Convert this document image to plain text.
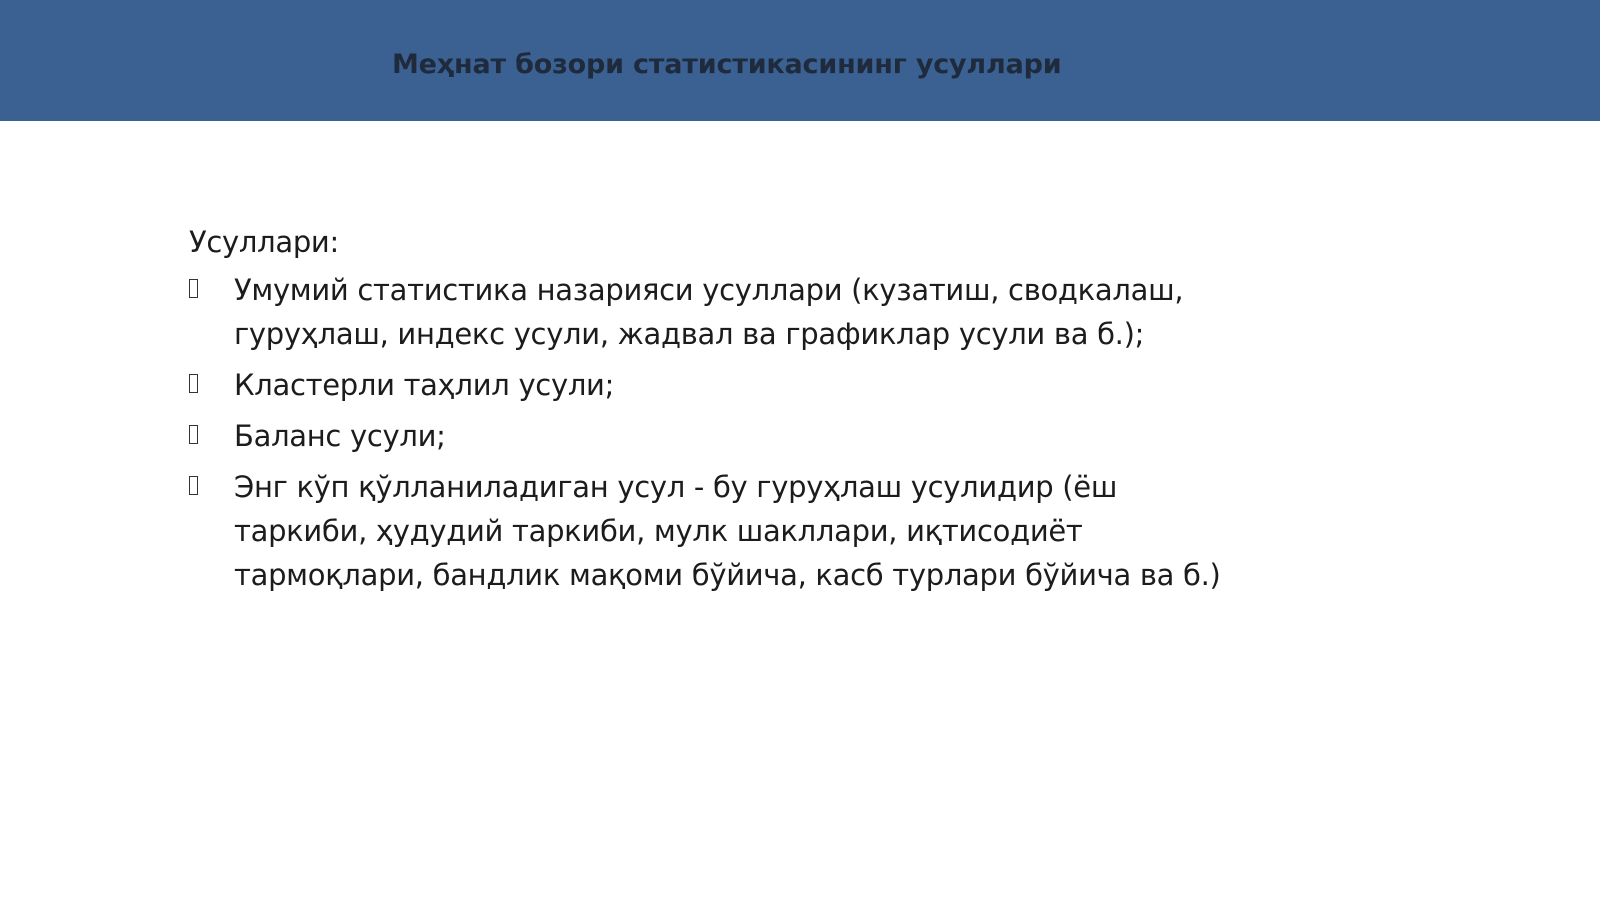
Меҳнат бозори статистикасининг усуллари
Усуллари:
Умумий статистика назарияси усуллари (кузатиш, сводкалаш, гуруҳлаш, индекс усули, жадвал ва графиклар усули ва б.);
Кластерли таҳлил усули;
Баланс усули;
Энг кўп қўлланиладиган усул - бу гуруҳлаш усулидир (ёш таркиби, ҳудудий таркиби, мулк шакллари, иқтисодиёт тармоқлари, бандлик мақоми бўйича, касб турлари бўйича ва б.)
